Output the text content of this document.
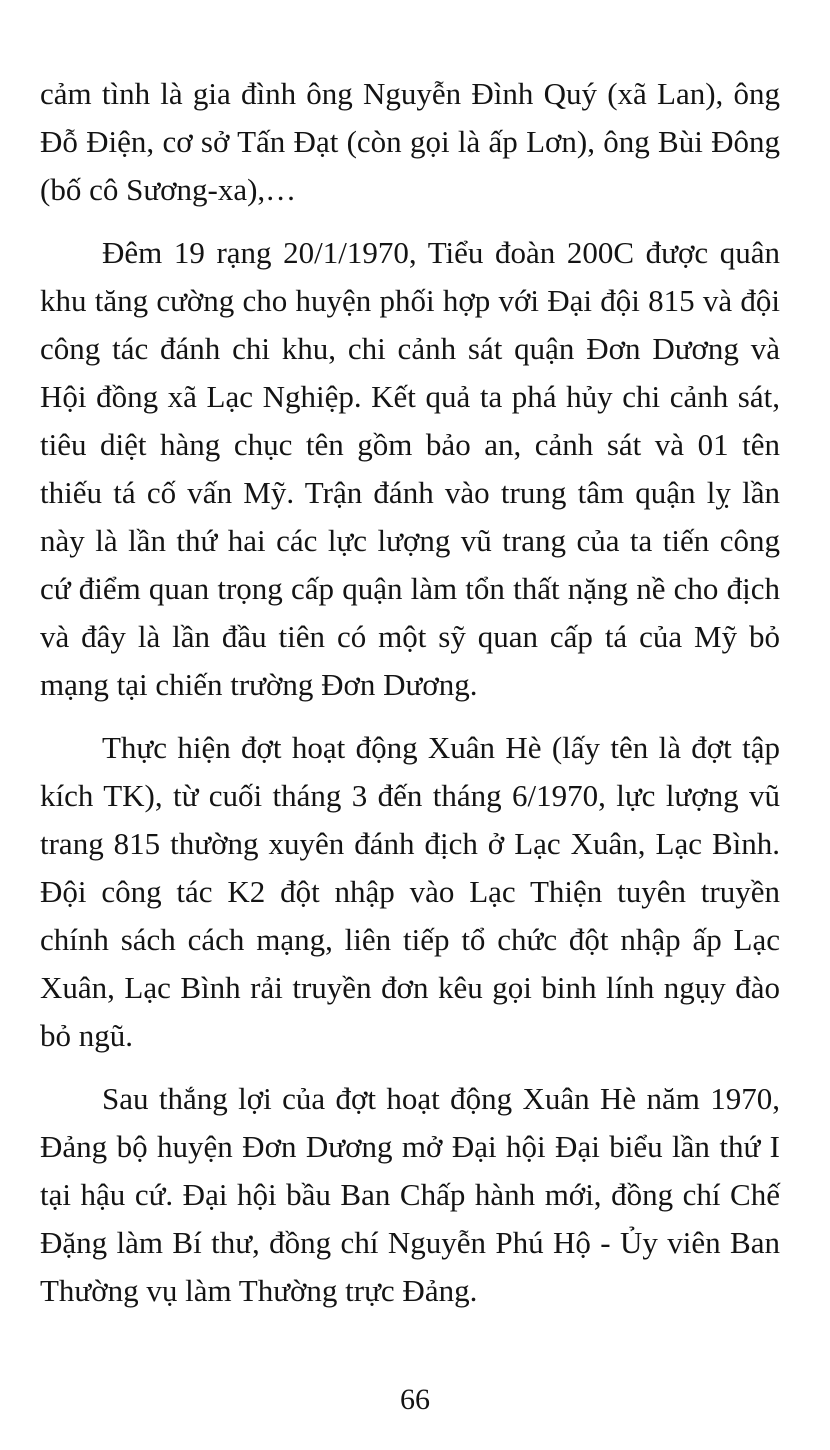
cảm tình là gia đình ông Nguyễn Đình Quý (xã Lan), ông Đỗ Điện, cơ sở Tấn Đạt (còn gọi là ấp Lơn), ông Bùi Đông (bố cô Sương-xa),…

Đêm 19 rạng 20/1/1970, Tiểu đoàn 200C được quân khu tăng cường cho huyện phối hợp với Đại đội 815 và đội công tác đánh chi khu, chi cảnh sát quận Đơn Dương và Hội đồng xã Lạc Nghiệp. Kết quả ta phá hủy chi cảnh sát, tiêu diệt hàng chục tên gồm bảo an, cảnh sát và 01 tên thiếu tá cố vấn Mỹ. Trận đánh vào trung tâm quận lỵ lần này là lần thứ hai các lực lượng vũ trang của ta tiến công cứ điểm quan trọng cấp quận làm tổn thất nặng nề cho địch và đây là lần đầu tiên có một sỹ quan cấp tá của Mỹ bỏ mạng tại chiến trường Đơn Dương.

Thực hiện đợt hoạt động Xuân Hè (lấy tên là đợt tập kích TK), từ cuối tháng 3 đến tháng 6/1970, lực lượng vũ trang 815 thường xuyên đánh địch ở Lạc Xuân, Lạc Bình. Đội công tác K2 đột nhập vào Lạc Thiện tuyên truyền chính sách cách mạng, liên tiếp tổ chức đột nhập ấp Lạc Xuân, Lạc Bình rải truyền đơn kêu gọi binh lính ngụy đào bỏ ngũ.

Sau thắng lợi của đợt hoạt động Xuân Hè năm 1970, Đảng bộ huyện Đơn Dương mở Đại hội Đại biểu lần thứ I tại hậu cứ. Đại hội bầu Ban Chấp hành mới, đồng chí Chế Đặng làm Bí thư, đồng chí Nguyễn Phú Hộ - Ủy viên Ban Thường vụ làm Thường trực Đảng.

66
